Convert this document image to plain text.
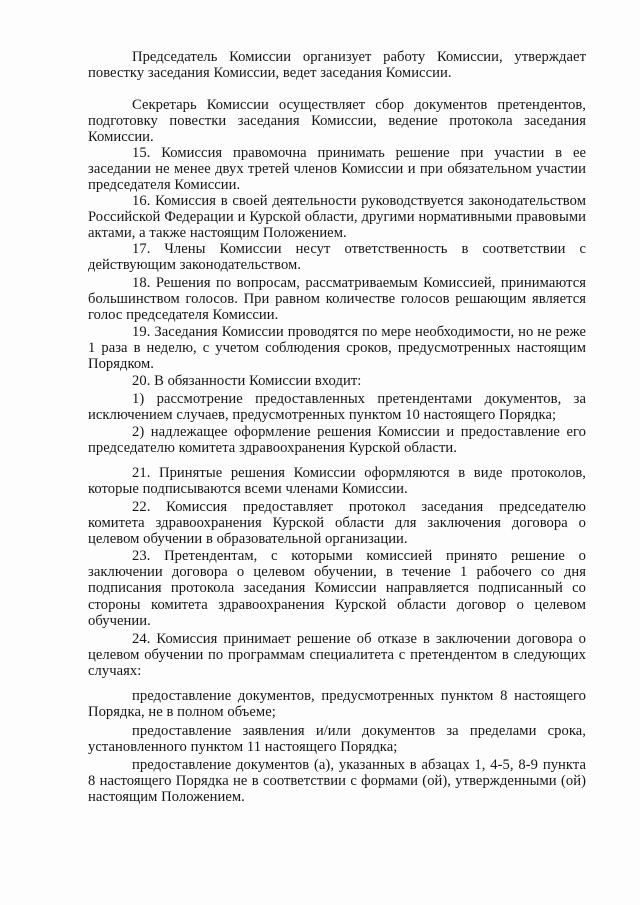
Председатель Комиссии организует работу Комиссии, утверждает повестку заседания Комиссии, ведет заседания Комиссии.

Секретарь Комиссии осуществляет сбор документов претендентов, подготовку повестки заседания Комиссии, ведение протокола заседания Комиссии.

15. Комиссия правомочна принимать решение при участии в ее заседании не менее двух третей членов Комиссии и при обязательном участии председателя Комиссии.

16. Комиссия в своей деятельности руководствуется законодательством Российской Федерации и Курской области, другими нормативными правовыми актами, а также настоящим Положением.

17. Члены Комиссии несут ответственность в соответствии с действующим законодательством.

18. Решения по вопросам, рассматриваемым Комиссией, принимаются большинством голосов. При равном количестве голосов решающим является голос председателя Комиссии.

19. Заседания Комиссии проводятся по мере необходимости, но не реже 1 раза в неделю, с учетом соблюдения сроков, предусмотренных настоящим Порядком.

20. В обязанности Комиссии входит:

1) рассмотрение предоставленных претендентами документов, за исключением случаев, предусмотренных пунктом 10 настоящего Порядка;

2) надлежащее оформление решения Комиссии и предоставление его председателю комитета здравоохранения Курской области.

21. Принятые решения Комиссии оформляются в виде протоколов, которые подписываются всеми членами Комиссии.

22. Комиссия предоставляет протокол заседания председателю комитета здравоохранения Курской области для заключения договора о целевом обучении в образовательной организации.

23. Претендентам, с которыми комиссией принято решение о заключении договора о целевом обучении, в течение 1 рабочего со дня подписания протокола заседания Комиссии направляется подписанный со стороны комитета здравоохранения Курской области договор о целевом обучении.

24. Комиссия принимает решение об отказе в заключении договора о целевом обучении по программам специалитета с претендентом в следующих случаях:

предоставление документов, предусмотренных пунктом 8 настоящего Порядка, не в полном объеме;

предоставление заявления и/или документов за пределами срока, установленного пунктом 11 настоящего Порядка;

предоставление документов (а), указанных в абзацах 1, 4-5, 8-9 пункта 8 настоящего Порядка не в соответствии с формами (ой), утвержденными (ой) настоящим Положением.
